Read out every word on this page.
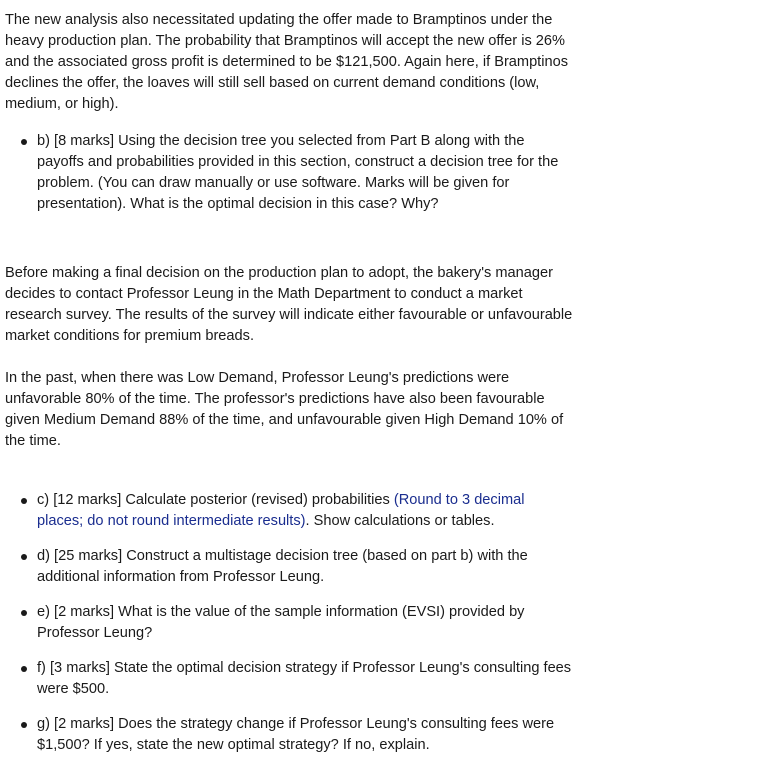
The new analysis also necessitated updating the offer made to Bramptinos under the heavy production plan. The probability that Bramptinos will accept the new offer is 26% and the associated gross profit is determined to be $121,500. Again here, if Bramptinos declines the offer, the loaves will still sell based on current demand conditions (low, medium, or high).

b) [8 marks] Using the decision tree you selected from Part B along with the payoffs and probabilities provided in this section, construct a decision tree for the problem. (You can draw manually or use software. Marks will be given for presentation). What is the optimal decision in this case? Why?

Before making a final decision on the production plan to adopt, the bakery's manager decides to contact Professor Leung in the Math Department to conduct a market research survey. The results of the survey will indicate either favourable or unfavourable market conditions for premium breads.

In the past, when there was Low Demand, Professor Leung's predictions were unfavorable 80% of the time. The professor's predictions have also been favourable given Medium Demand 88% of the time, and unfavourable given High Demand 10% of the time.

c) [12 marks] Calculate posterior (revised) probabilities (Round to 3 decimal places; do not round intermediate results). Show calculations or tables.
d) [25 marks] Construct a multistage decision tree (based on part b) with the additional information from Professor Leung.
e) [2 marks] What is the value of the sample information (EVSI) provided by Professor Leung?
f) [3 marks] State the optimal decision strategy if Professor Leung's consulting fees were $500.
g) [2 marks] Does the strategy change if Professor Leung's consulting fees were $1,500? If yes, state the new optimal strategy? If no, explain.
